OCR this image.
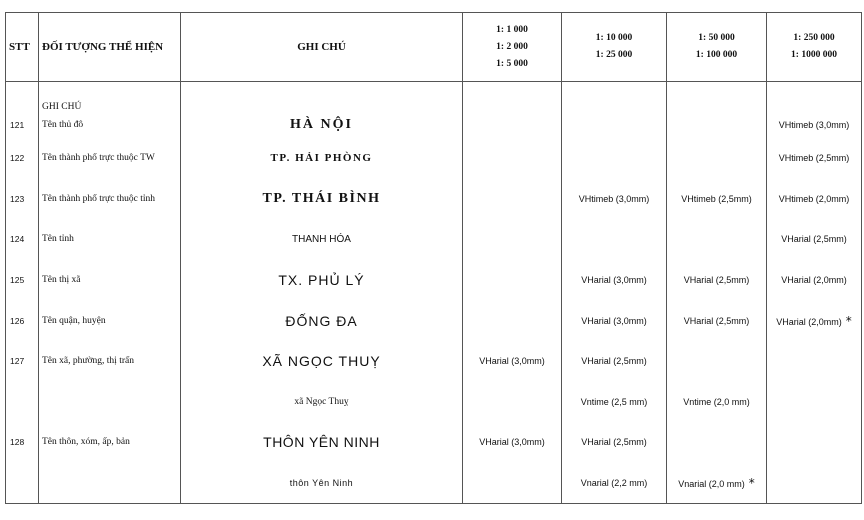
STT	ĐỐI TƯỢNG THỂ HIỆN	GHI CHÚ	1: 1 000
1: 2 000
1: 5 000	1: 10 000
1: 25 000	1: 50 000
1: 100 000	1: 250 000
1: 1000 000

	GHI CHÚ					
121	Tên thủ đô	HÀ NỘI				VHtimeb (3,0mm)
122	Tên thành phố trực thuộc TW	TP. HẢI PHÒNG				VHtimeb (2,5mm)
123	Tên thành phố trực thuộc tỉnh	TP. THÁI BÌNH		VHtimeb (3,0mm)	VHtimeb (2,5mm)	VHtimeb (2,0mm)
124	Tên tỉnh	THANH HÓA				VHarial (2,5mm)
125	Tên thị xã	TX. PHỦ LÝ		VHarial (3,0mm)	VHarial (2,5mm)	VHarial (2,0mm)
126	Tên quận, huyện	ĐỐNG ĐA		VHarial (3,0mm)	VHarial (2,5mm)	VHarial (2,0mm) *
127	Tên xã, phường, thị trấn	XÃ NGỌC THUỴ	VHarial (3,0mm)	VHarial (2,5mm)		
		xã Ngọc Thuỵ		Vntime (2,5 mm)	Vntime (2,0 mm)	
128	Tên thôn, xóm, ấp, bản	THÔN YÊN NINH	VHarial (3,0mm)	VHarial (2,5mm)		
		thôn Yên Ninh		Vnarial (2,2 mm)	Vnarial (2,0 mm) *	
